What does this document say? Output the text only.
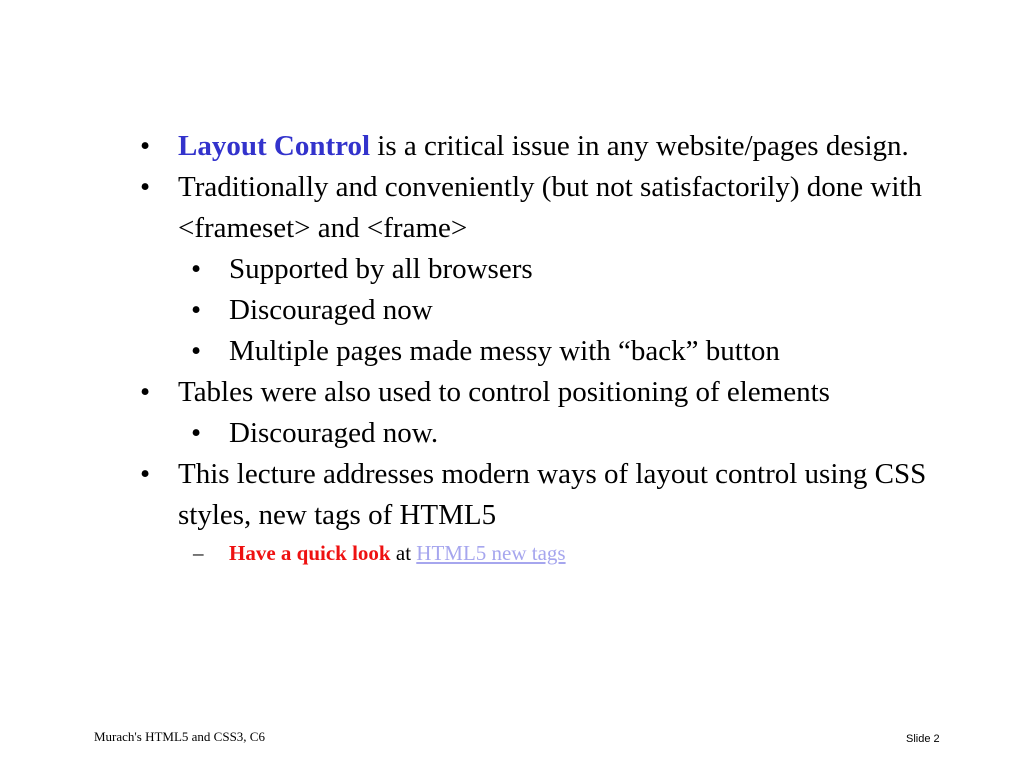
• Layout Control is a critical issue in any website/pages design.
• Traditionally and conveniently (but not satisfactorily) done with <frameset> and <frame>
• Supported by all browsers
• Discouraged now
• Multiple pages made messy with “back” button
• Tables were also used to control positioning of elements
• Discouraged now.
• This lecture addresses modern ways of layout control using CSS styles, new tags of HTML5
– Have a quick look at HTML5 new tags
Murach's HTML5 and CSS3, C6	Slide 2
